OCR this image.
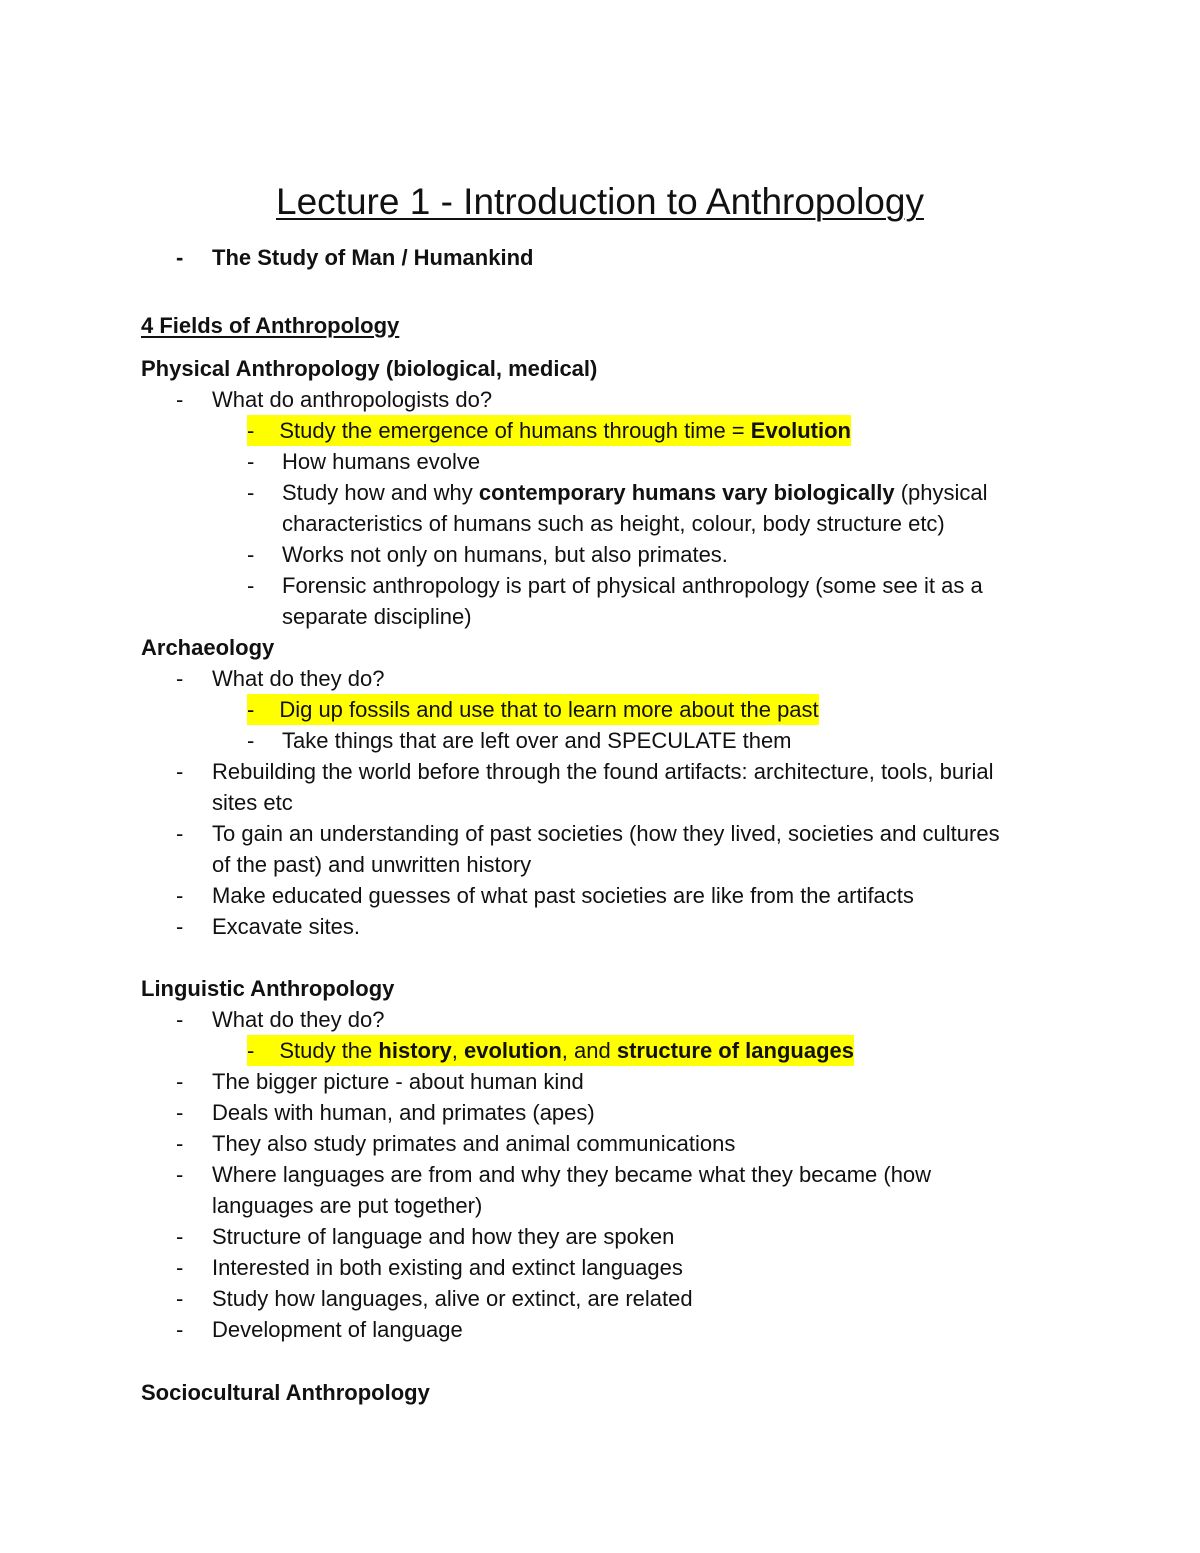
Lecture 1 - Introduction to Anthropology
- The Study of Man / Humankind
4 Fields of Anthropology
Physical Anthropology (biological, medical)
- What do anthropologists do?
- Study the emergence of humans through time = Evolution
- How humans evolve
- Study how and why contemporary humans vary biologically (physical
characteristics of humans such as height, colour, body structure etc)
- Works not only on humans, but also primates.
- Forensic anthropology is part of physical anthropology (some see it as a
separate discipline)
Archaeology
- What do they do?
- Dig up fossils and use that to learn more about the past
- Take things that are left over and SPECULATE them
- Rebuilding the world before through the found artifacts: architecture, tools, burial
sites etc
- To gain an understanding of past societies (how they lived, societies and cultures
of the past) and unwritten history
- Make educated guesses of what past societies are like from the artifacts
- Excavate sites.
Linguistic Anthropology
- What do they do?
- Study the history, evolution, and structure of languages
- The bigger picture - about human kind
- Deals with human, and primates (apes)
- They also study primates and animal communications
- Where languages are from and why they became what they became (how
languages are put together)
- Structure of language and how they are spoken
- Interested in both existing and extinct languages
- Study how languages, alive or extinct, are related
- Development of language
Sociocultural Anthropology
